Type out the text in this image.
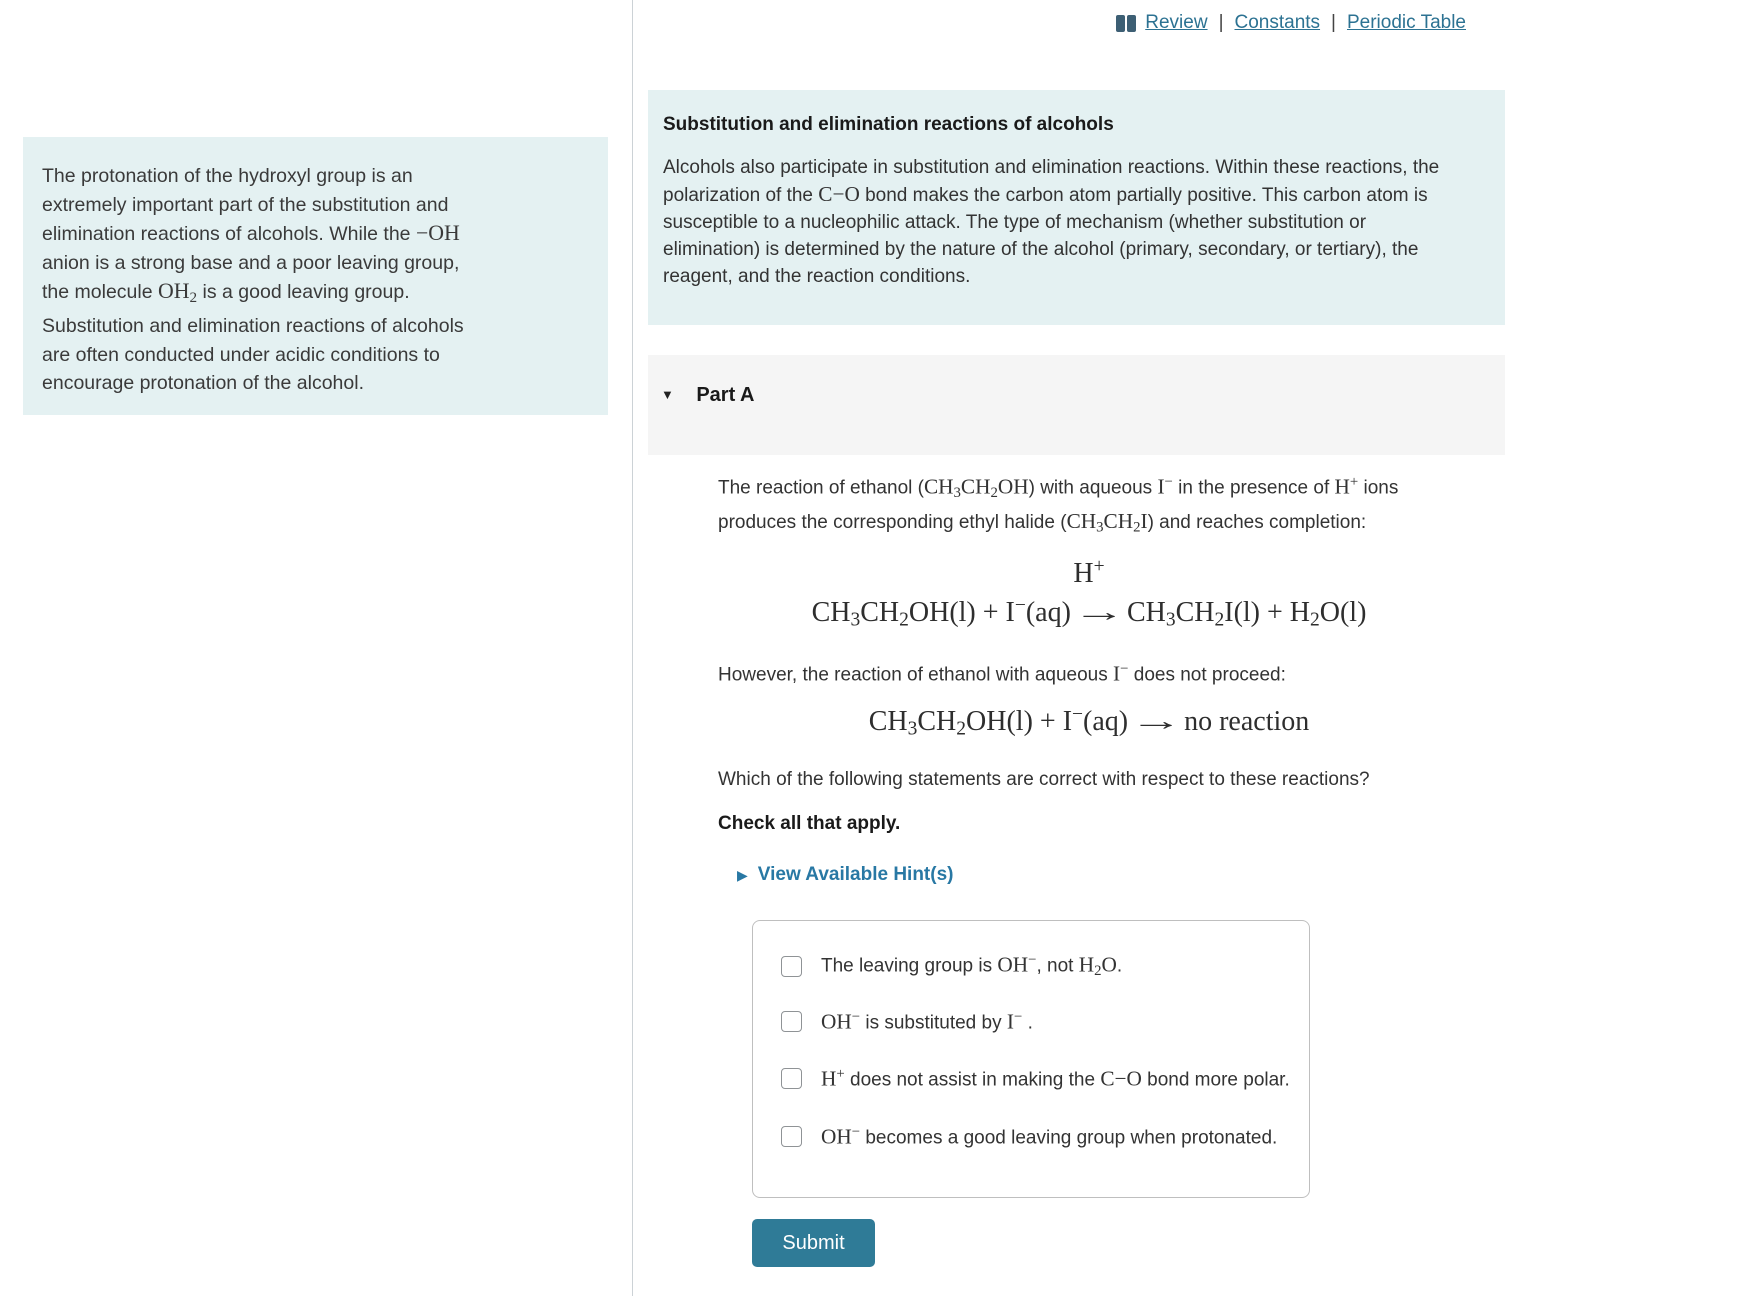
Review | Constants | Periodic Table
The protonation of the hydroxyl group is an
extremely important part of the substitution and
elimination reactions of alcohols. While the −OH
anion is a strong base and a poor leaving group,
the molecule OH2 is a good leaving group.
Substitution and elimination reactions of alcohols
are often conducted under acidic conditions to
encourage protonation of the alcohol.
Substitution and elimination reactions of alcohols
Alcohols also participate in substitution and elimination reactions. Within these reactions, the
polarization of the C−O bond makes the carbon atom partially positive. This carbon atom is
susceptible to a nucleophilic attack. The type of mechanism (whether substitution or
elimination) is determined by the nature of the alcohol (primary, secondary, or tertiary), the
reagent, and the reaction conditions.
▼ Part A
The reaction of ethanol (CH3CH2OH) with aqueous I− in the presence of H+ ions
produces the corresponding ethyl halide (CH3CH2I) and reaches completion:
H+
CH3CH2OH(l) + I−(aq)→CH3CH2I(l) + H2O(l)
However, the reaction of ethanol with aqueous I− does not proceed:
CH3CH2OH(l) + I−(aq)→no reaction
Which of the following statements are correct with respect to these reactions?
Check all that apply.
▶ View Available Hint(s)
The leaving group is OH−, not H2O.
OH− is substituted by I− .
H+ does not assist in making the C−O bond more polar.
OH− becomes a good leaving group when protonated.
Submit
